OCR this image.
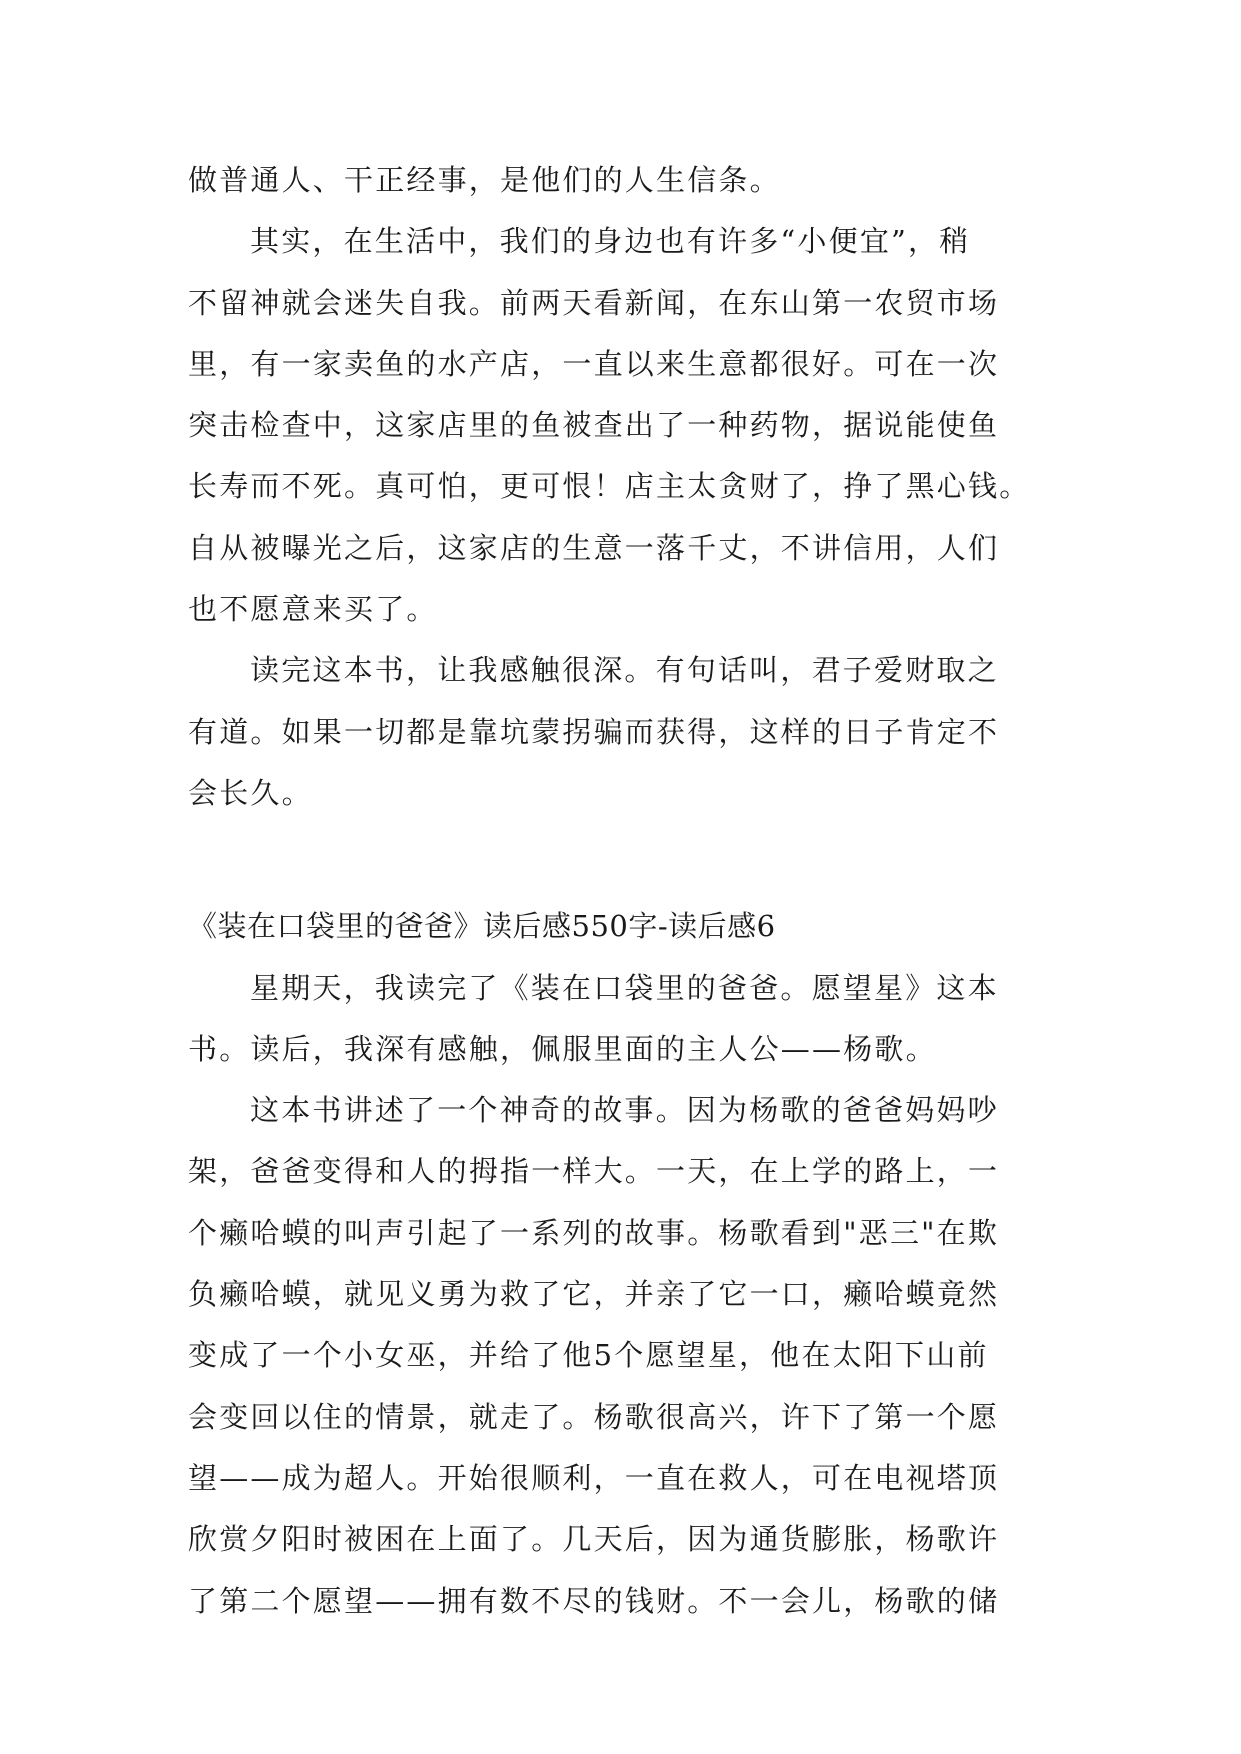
做普通人、干正经事，是他们的人生信条。

其实，在生活中，我们的身边也有许多“小便宜”，稍

不留神就会迷失自我。前两天看新闻，在东山第一农贸市场

里，有一家卖鱼的水产店，一直以来生意都很好。可在一次

突击检查中，这家店里的鱼被查出了一种药物，据说能使鱼

长寿而不死。真可怕，更可恨！店主太贪财了，挣了黑心钱。

自从被曝光之后，这家店的生意一落千丈，不讲信用，人们

也不愿意来买了。

读完这本书，让我感触很深。有句话叫，君子爱财取之

有道。如果一切都是靠坑蒙拐骗而获得，这样的日子肯定不

会长久。

《装在口袋里的爸爸》读后感550字-读后感6

星期天，我读完了《装在口袋里的爸爸。愿望星》这本

书。读后，我深有感触，佩服里面的主人公——杨歌。

这本书讲述了一个神奇的故事。因为杨歌的爸爸妈妈吵

架，爸爸变得和人的拇指一样大。一天，在上学的路上，一

个癞哈蟆的叫声引起了一系列的故事。杨歌看到"恶三"在欺

负癞哈蟆，就见义勇为救了它，并亲了它一口，癞哈蟆竟然

变成了一个小女巫，并给了他5个愿望星，他在太阳下山前

会变回以住的情景，就走了。杨歌很高兴，许下了第一个愿

望——成为超人。开始很顺利，一直在救人，可在电视塔顶

欣赏夕阳时被困在上面了。几天后，因为通货膨胀，杨歌许

了第二个愿望——拥有数不尽的钱财。不一会儿，杨歌的储
